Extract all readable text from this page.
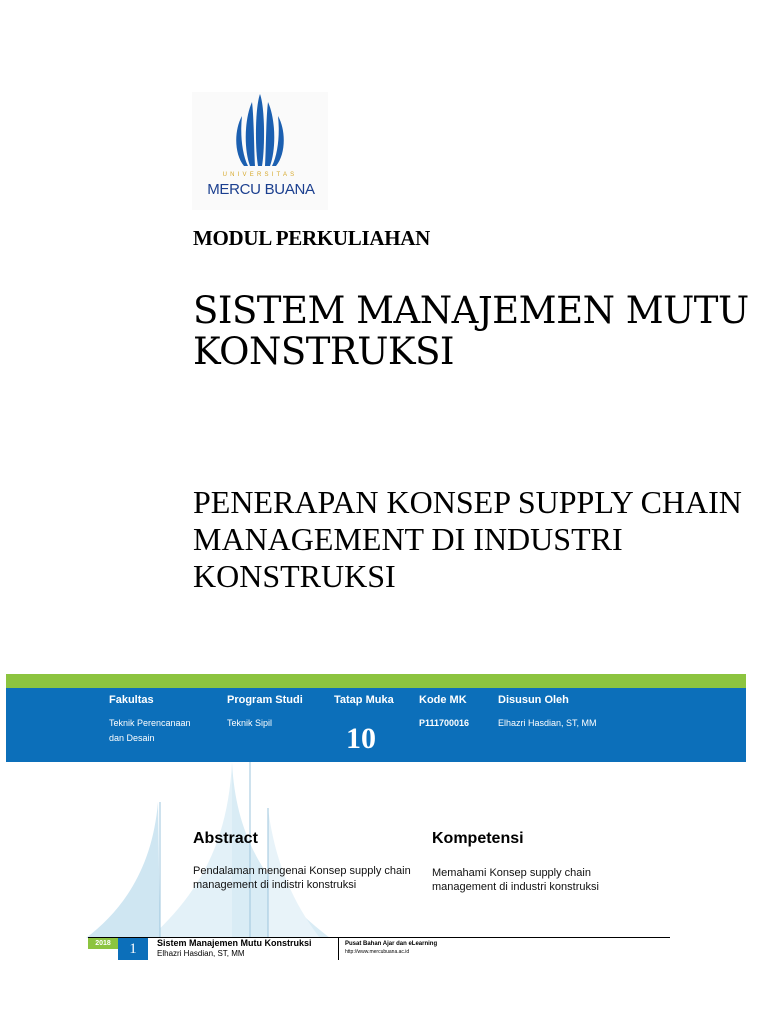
UNIVERSITAS
MERCU BUANA
MODUL PERKULIAHAN
SISTEM MANAJEMEN MUTU KONSTRUKSI
PENERAPAN KONSEP SUPPLY CHAIN MANAGEMENT DI INDUSTRI KONSTRUKSI
Fakultas
Teknik Perencanaan
dan Desain
Program Studi
Teknik Sipil
Tatap Muka
10
Kode MK
P111700016
Disusun Oleh
Elhazri Hasdian, ST, MM
Abstract
Pendalaman mengenai Konsep supply chain management di indistri konstruksi
Kompetensi
Memahami Konsep supply chain management di industri konstruksi
2018	1	Sistem Manajemen Mutu Konstruksi
Elhazri Hasdian, ST, MM
Pusat Bahan Ajar dan eLearning
http://www.mercubuana.ac.id
